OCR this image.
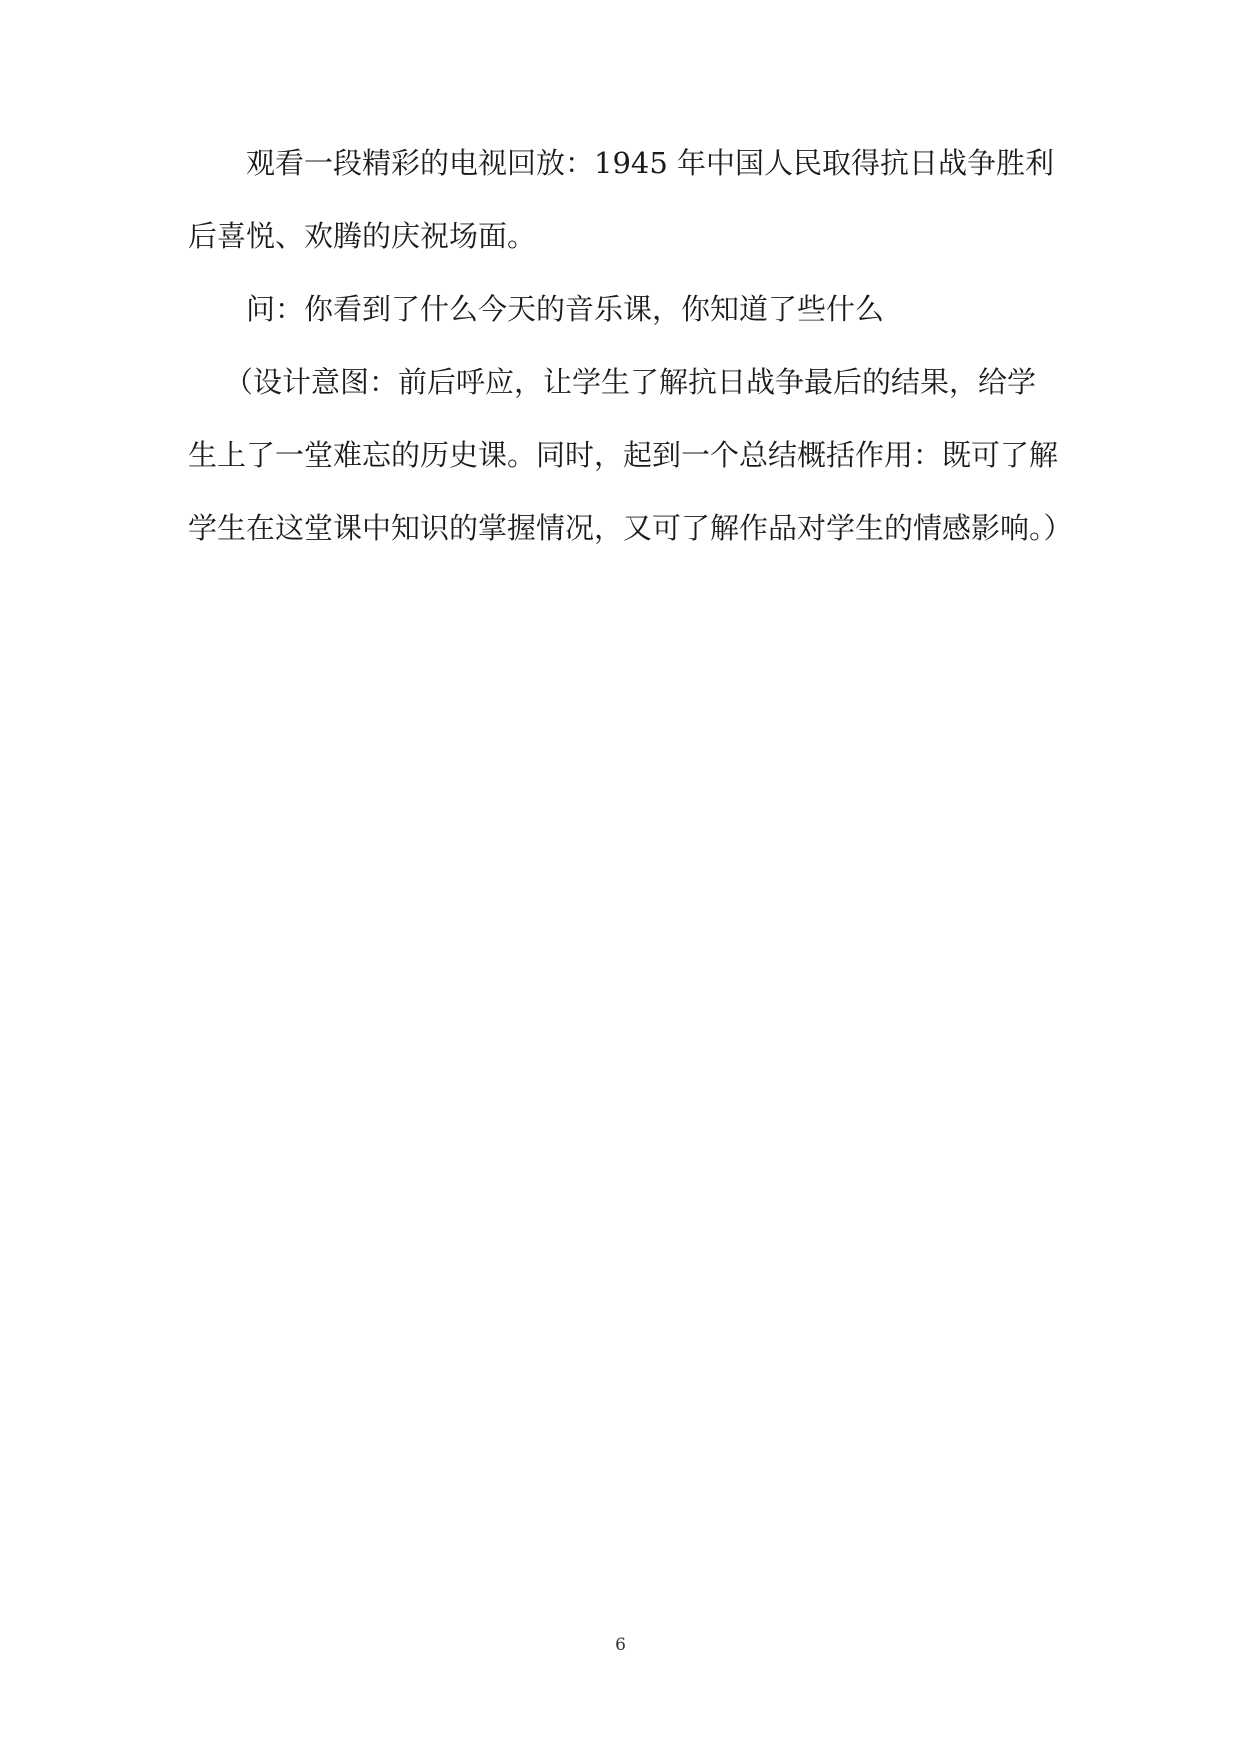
观看一段精彩的电视回放：1945 年中国人民取得抗日战争胜利

后喜悦、欢腾的庆祝场面。

问：你看到了什么今天的音乐课，你知道了些什么

（设计意图：前后呼应，让学生了解抗日战争最后的结果，给学

生上了一堂难忘的历史课。同时，起到一个总结概括作用：既可了解

学生在这堂课中知识的掌握情况，又可了解作品对学生的情感影响。）

6
